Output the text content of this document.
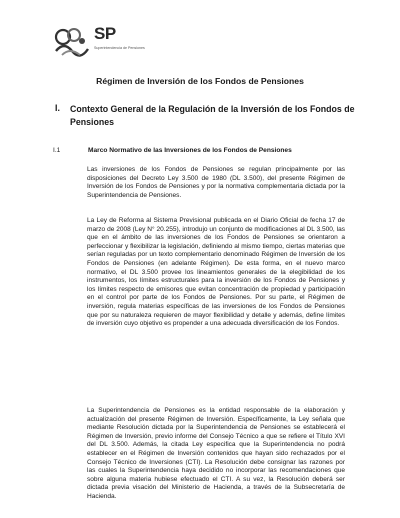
SP
Superintendencia de Pensiones
Régimen de Inversión de los Fondos de Pensiones
I. Contexto General de la Regulación de la Inversión de los Fondos de Pensiones
I.1	Marco Normativo de las Inversiones de los Fondos de Pensiones
Las inversiones de los Fondos de Pensiones se regulan principalmente por las disposiciones del Decreto Ley 3.500 de 1980 (DL 3.500), del presente Régimen de Inversión de los Fondos de Pensiones y por la normativa complementaria dictada por la Superintendencia de Pensiones.
La Ley de Reforma al Sistema Previsional publicada en el Diario Oficial de fecha 17 de marzo de 2008 (Ley N° 20.255), introdujo un conjunto de modificaciones al DL 3.500, las que en el ámbito de las inversiones de los Fondos de Pensiones se orientaron a perfeccionar y flexibilizar la legislación, definiendo al mismo tiempo, ciertas materias que serían reguladas por un texto complementario denominado Régimen de Inversión de los Fondos de Pensiones (en adelante Régimen). De esta forma, en el nuevo marco normativo, el DL 3.500 provee los lineamientos generales de la elegibilidad de los instrumentos, los límites estructurales para la inversión de los Fondos de Pensiones y los límites respecto de emisores que evitan concentración de propiedad y participación en el control por parte de los Fondos de Pensiones. Por su parte, el Régimen de inversión, regula materias específicas de las inversiones de los Fondos de Pensiones que por su naturaleza requieren de mayor flexibilidad y detalle y además, define límites de inversión cuyo objetivo es propender a una adecuada diversificación de los Fondos.
La Superintendencia de Pensiones es la entidad responsable de la elaboración y actualización del presente Régimen de Inversión. Específicamente, la Ley señala que mediante Resolución dictada por la Superintendencia de Pensiones se establecerá el Régimen de Inversión, previo informe del Consejo Técnico a que se refiere el Título XVI del DL 3.500. Además, la citada Ley especifica que la Superintendencia no podrá establecer en el Régimen de Inversión contenidos que hayan sido rechazados por el Consejo Técnico de Inversiones (CTI). La Resolución debe consignar las razones por las cuales la Superintendencia haya decidido no incorporar las recomendaciones que sobre alguna materia hubiese efectuado el CTI. A su vez, la Resolución deberá ser dictada previa visación del Ministerio de Hacienda, a través de la Subsecretaría de Hacienda.
